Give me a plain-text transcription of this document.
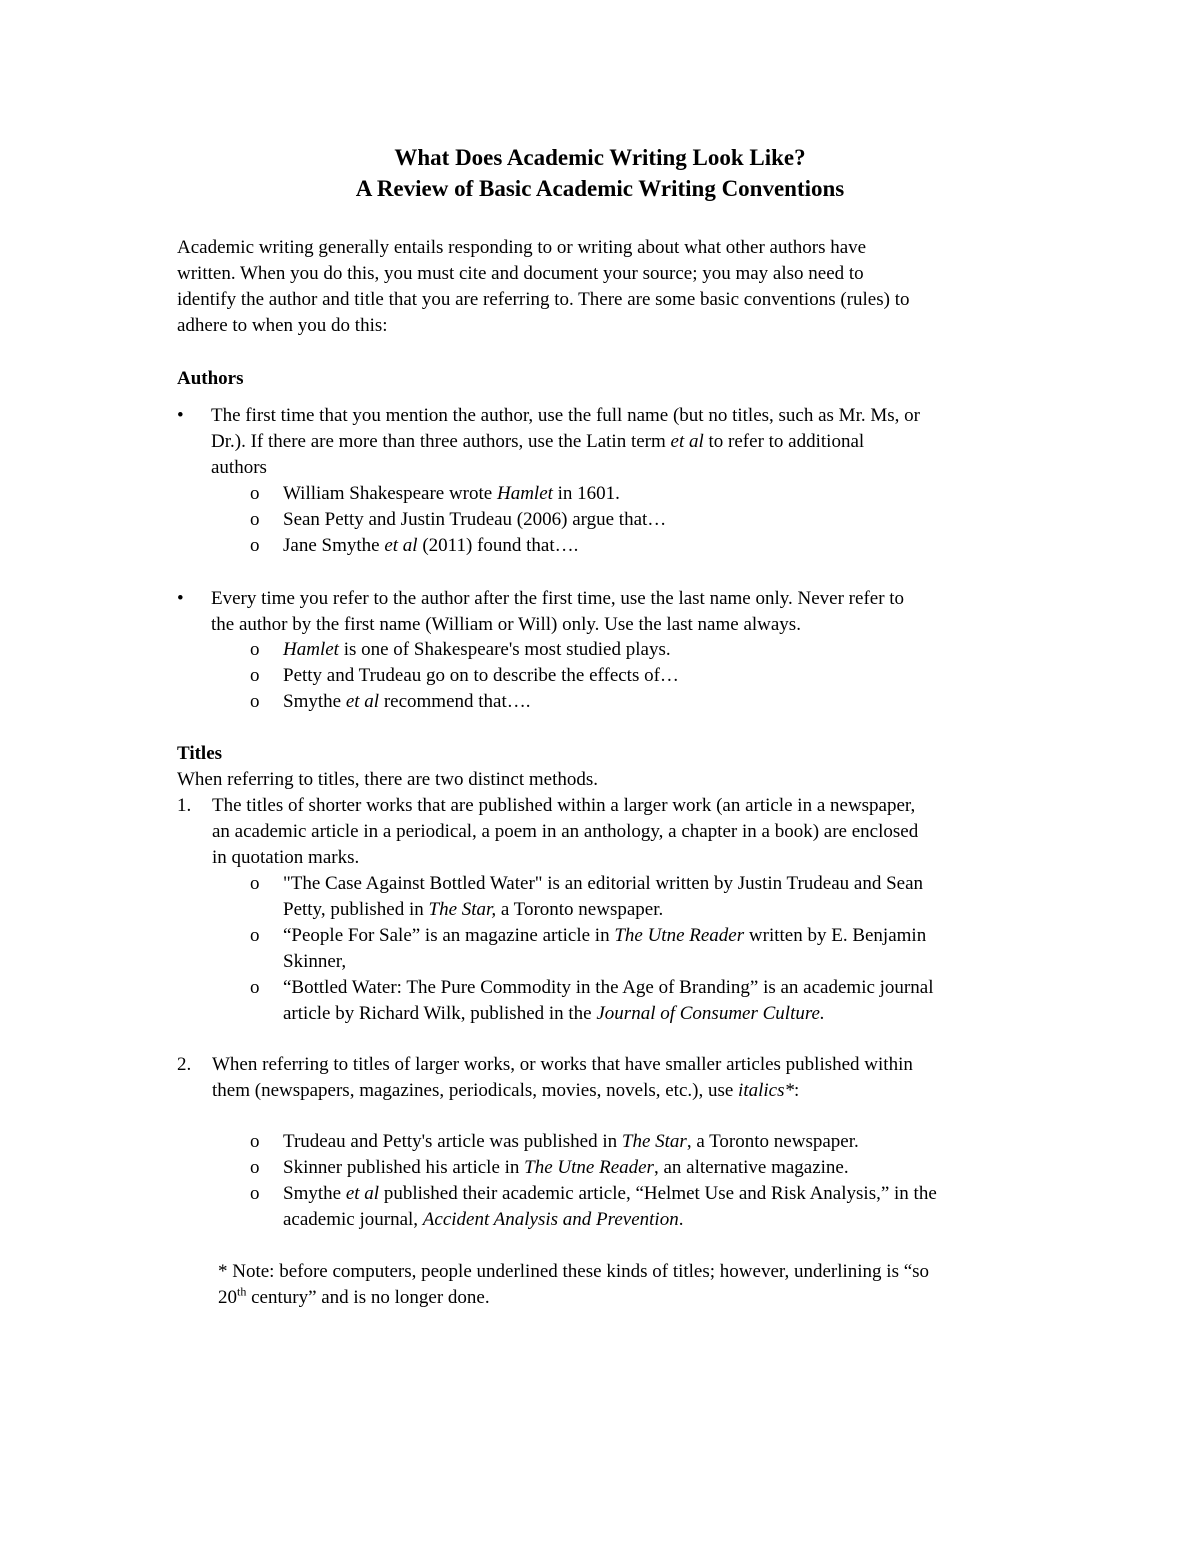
What Does Academic Writing Look Like?
A Review of Basic Academic Writing Conventions
Academic writing generally entails responding to or writing about what other authors have
written. When you do this, you must cite and document your source; you may also need to
identify the author and title that you are referring to. There are some basic conventions (rules) to
adhere to when you do this:
Authors
•	The first time that you mention the author, use the full name (but no titles, such as Mr. Ms, or
Dr.). If there are more than three authors, use the Latin term et al to refer to additional
authors
o William Shakespeare wrote Hamlet in 1601.
o Sean Petty and Justin Trudeau (2006) argue that…
o Jane Smythe et al (2011) found that….
•	Every time you refer to the author after the first time, use the last name only. Never refer to
the author by the first name (William or Will) only. Use the last name always.
o Hamlet is one of Shakespeare's most studied plays.
o Petty and Trudeau go on to describe the effects of…
o Smythe et al recommend that….
Titles
When referring to titles, there are two distinct methods.
1.	The titles of shorter works that are published within a larger work (an article in a newspaper,
an academic article in a periodical, a poem in an anthology, a chapter in a book) are enclosed
in quotation marks.
o "The Case Against Bottled Water" is an editorial written by Justin Trudeau and Sean
Petty, published in The Star, a Toronto newspaper.
o “People For Sale” is an magazine article in The Utne Reader written by E. Benjamin
Skinner,
o “Bottled Water: The Pure Commodity in the Age of Branding” is an academic journal
article by Richard Wilk, published in the Journal of Consumer Culture.
2.	When referring to titles of larger works, or works that have smaller articles published within
them (newspapers, magazines, periodicals, movies, novels, etc.), use italics*:
o Trudeau and Petty's article was published in The Star, a Toronto newspaper.
o Skinner published his article in The Utne Reader, an alternative magazine.
o Smythe et al published their academic article, “Helmet Use and Risk Analysis,” in the
academic journal, Accident Analysis and Prevention.
* Note: before computers, people underlined these kinds of titles; however, underlining is “so
20th century” and is no longer done.
